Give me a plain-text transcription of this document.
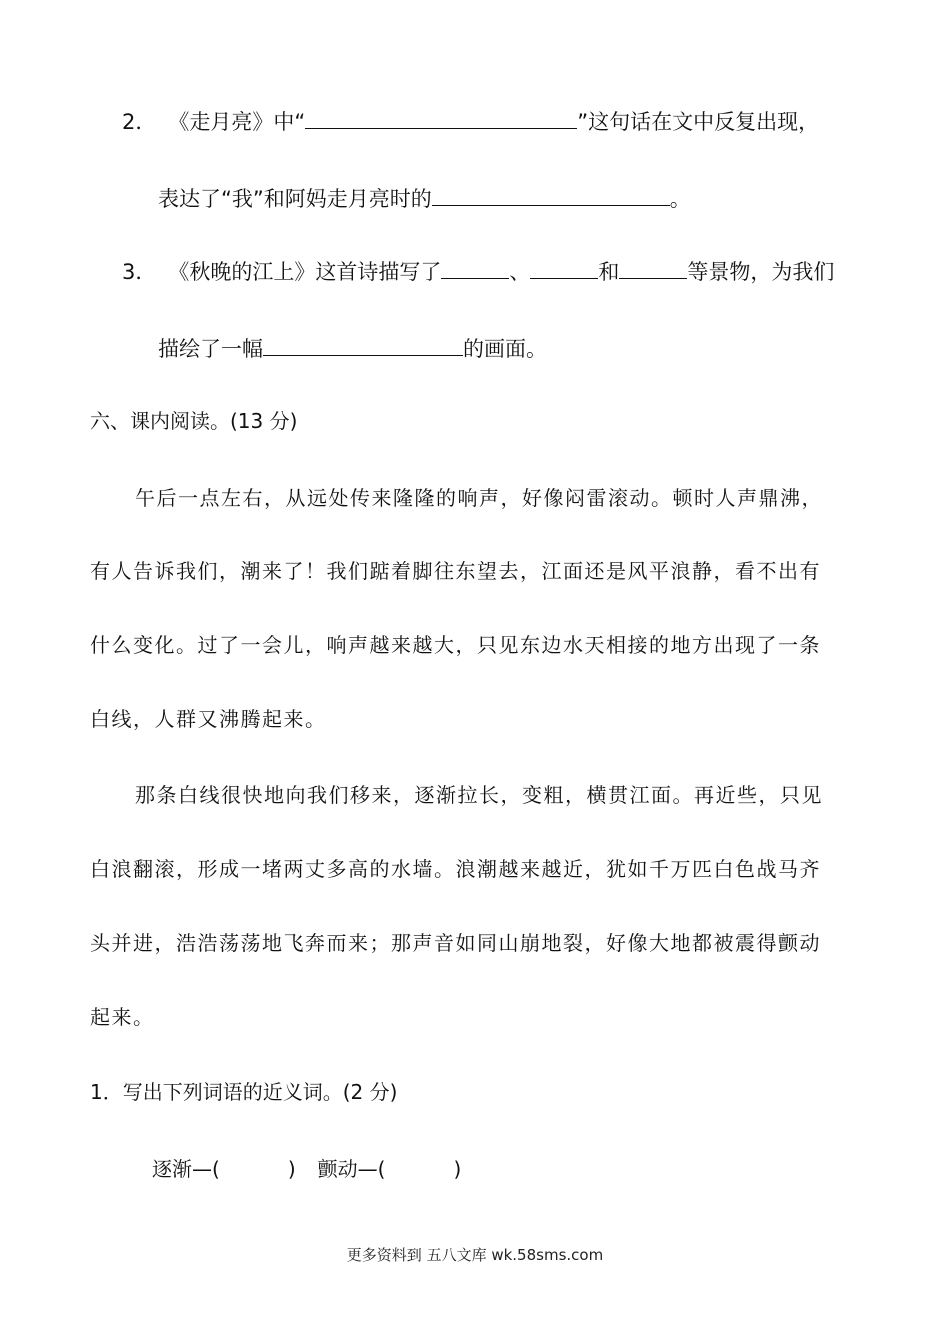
2． 《走月亮》中“	”这句话在文中反复出现，
表达了“我”和阿妈走月亮时的	。
3． 《秋晚的江上》这首诗描写了	、	和	等景物，为我们
描绘了一幅	的画面。
六、课内阅读。(13 分)
午后一点左右，从远处传来隆隆的响声，好像闷雷滚动。顿时人声鼎沸，
有人告诉我们，潮来了！我们踮着脚往东望去，江面还是风平浪静，看不出有
什么变化。过了一会儿，响声越来越大，只见东边水天相接的地方出现了一条
白线，人群又沸腾起来。
那条白线很快地向我们移来，逐渐拉长，变粗，横贯江面。再近些，只见
白浪翻滚，形成一堵两丈多高的水墙。浪潮越来越近，犹如千万匹白色战马齐
头并进，浩浩荡荡地飞奔而来；那声音如同山崩地裂，好像大地都被震得颤动
起来。
1．写出下列词语的近义词。(2 分)
逐渐—(	) 颤动—(	)
更多资料到 五八文库 wk.58sms.com
